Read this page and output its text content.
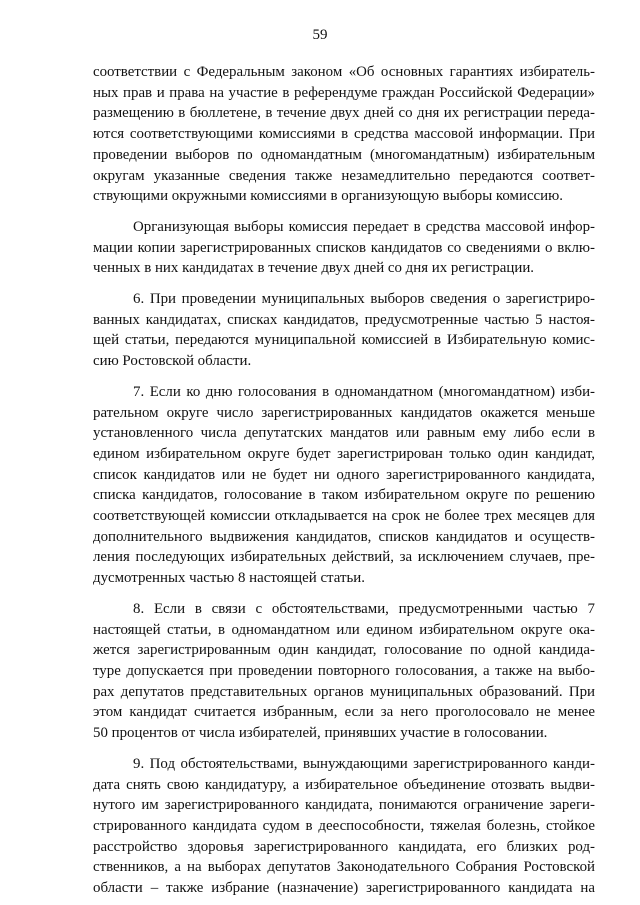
59

соответствии с Федеральным законом «Об основных гарантиях избиратель-
ных прав и права на участие в референдуме граждан Российской Федерации»
размещению в бюллетене, в течение двух дней со дня их регистрации переда-
ются соответствующими комиссиями в средства массовой информации. При
проведении выборов по одномандатным (многомандатным) избирательным
округам указанные сведения также незамедлительно передаются соответ-
ствующими окружными комиссиями в организующую выборы комиссию.

Организующая выборы комиссия передает в средства массовой инфор-
мации копии зарегистрированных списков кандидатов со сведениями о вклю-
ченных в них кандидатах в течение двух дней со дня их регистрации.

6. При проведении муниципальных выборов сведения о зарегистриро-
ванных кандидатах, списках кандидатов, предусмотренные частью 5 настоя-
щей статьи, передаются муниципальной комиссией в Избирательную комис-
сию Ростовской области.

7. Если ко дню голосования в одномандатном (многомандатном) изби-
рательном округе число зарегистрированных кандидатов окажется меньше
установленного числа депутатских мандатов или равным ему либо если в
едином избирательном округе будет зарегистрирован только один кандидат,
список кандидатов или не будет ни одного зарегистрированного кандидата,
списка кандидатов, голосование в таком избирательном округе по решению
соответствующей комиссии откладывается на срок не более трех месяцев для
дополнительного выдвижения кандидатов, списков кандидатов и осуществ-
ления последующих избирательных действий, за исключением случаев, пре-
дусмотренных частью 8 настоящей статьи.

8. Если в связи с обстоятельствами, предусмотренными частью 7
настоящей статьи, в одномандатном или едином избирательном округе ока-
жется зарегистрированным один кандидат, голосование по одной кандида-
туре допускается при проведении повторного голосования, а также на выбо-
рах депутатов представительных органов муниципальных образований. При
этом кандидат считается избранным, если за него проголосовало не менее
50 процентов от числа избирателей, принявших участие в голосовании.

9. Под обстоятельствами, вынуждающими зарегистрированного канди-
дата снять свою кандидатуру, а избирательное объединение отозвать выдви-
нутого им зарегистрированного кандидата, понимаются ограничение зареги-
стрированного кандидата судом в дееспособности, тяжелая болезнь, стойкое
расстройство здоровья зарегистрированного кандидата, его близких род-
ственников, а на выборах депутатов Законодательного Собрания Ростовской
области – также избрание (назначение) зарегистрированного кандидата на
